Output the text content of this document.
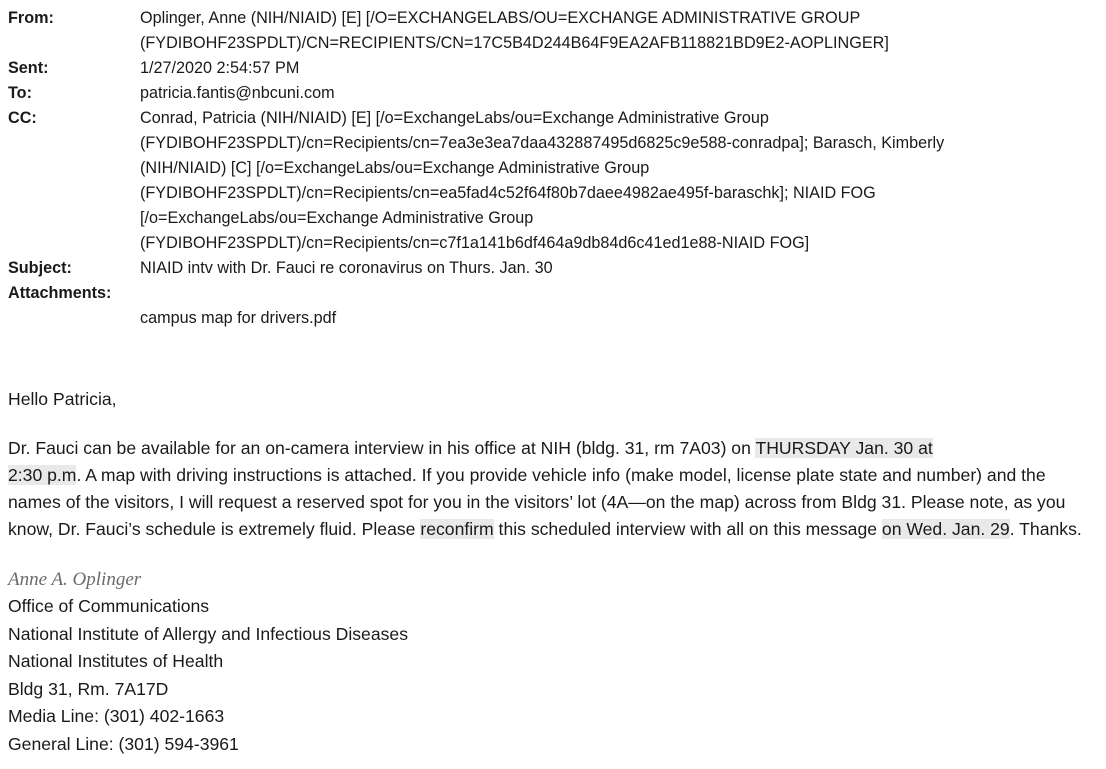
From:	Oplinger, Anne (NIH/NIAID) [E] [/O=EXCHANGELABS/OU=EXCHANGE ADMINISTRATIVE GROUP
(FYDIBOHF23SPDLT)/CN=RECIPIENTS/CN=17C5B4D244B64F9EA2AFB118821BD9E2-AOPLINGER]
Sent:	1/27/2020 2:54:57 PM
To:	patricia.fantis@nbcuni.com
CC:	Conrad, Patricia (NIH/NIAID) [E] [/o=ExchangeLabs/ou=Exchange Administrative Group
(FYDIBOHF23SPDLT)/cn=Recipients/cn=7ea3e3ea7daa432887495d6825c9e588-conradpa]; Barasch, Kimberly
(NIH/NIAID) [C] [/o=ExchangeLabs/ou=Exchange Administrative Group
(FYDIBOHF23SPDLT)/cn=Recipients/cn=ea5fad4c52f64f80b7daee4982ae495f-baraschk]; NIAID FOG
[/o=ExchangeLabs/ou=Exchange Administrative Group
(FYDIBOHF23SPDLT)/cn=Recipients/cn=c7f1a141b6df464a9db84d6c41ed1e88-NIAID FOG]
Subject:	NIAID intv with Dr. Fauci re coronavirus on Thurs. Jan. 30
Attachments:

campus map for drivers.pdf

Hello Patricia,

Dr. Fauci can be available for an on-camera interview in his office at NIH (bldg. 31, rm 7A03) on THURSDAY Jan. 30 at
2:30 p.m. A map with driving instructions is attached. If you provide vehicle info (make model, license plate state and number) and the names of the visitors, I will request a reserved spot for you in the visitors’ lot (4A—on the map) across from Bldg 31. Please note, as you know, Dr. Fauci’s schedule is extremely fluid. Please reconfirm this scheduled interview with all on this message on Wed. Jan. 29. Thanks.

Anne A. Oplinger
Office of Communications
National Institute of Allergy and Infectious Diseases
National Institutes of Health
Bldg 31, Rm. 7A17D
Media Line: (301) 402-1663
General Line: (301) 594-3961
